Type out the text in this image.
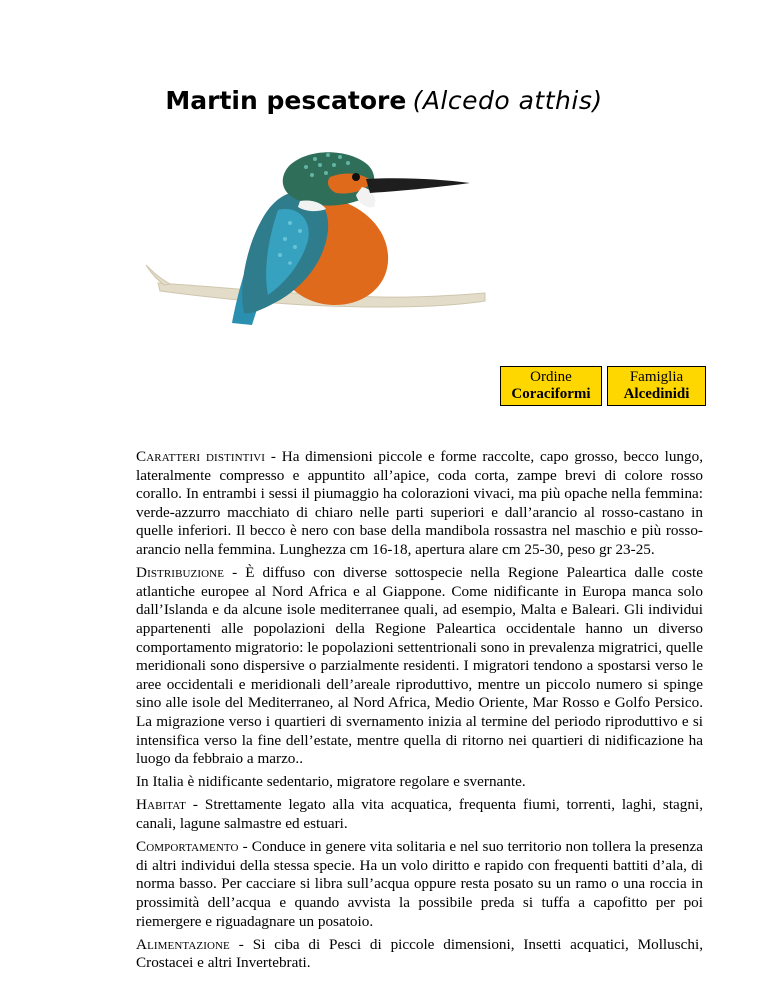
Martin pescatore (Alcedo atthis)
Ordine
Coraciformi
		Famiglia
Alcedinidi

Caratteri distintivi - Ha dimensioni piccole e forme raccolte, capo grosso, becco lungo, lateralmente compresso e appuntito all’apice, coda corta, zampe brevi di colore rosso corallo. In entrambi i sessi il piumaggio ha colorazioni vivaci, ma più opache nella femmina: verde-azzurro macchiato di chiaro nelle parti superiori e dall’arancio al rosso-castano in quelle inferiori. Il becco è nero con base della mandibola rossastra nel maschio e più rosso-arancio nella femmina. Lunghezza cm 16-18, apertura alare cm 25-30, peso gr 23-25.

Distribuzione - È diffuso con diverse sottospecie nella Regione Paleartica dalle coste atlantiche europee al Nord Africa e al Giappone. Come nidificante in Europa manca solo dall’Islanda e da alcune isole mediterranee quali, ad esempio, Malta e Baleari. Gli individui appartenenti alle popolazioni della Regione Paleartica occidentale hanno un diverso comportamento migratorio: le popolazioni settentrionali sono in prevalenza migratrici, quelle meridionali sono dispersive o parzialmente residenti. I migratori tendono a spostarsi verso le aree occidentali e meridionali dell’areale riproduttivo, mentre un piccolo numero si spinge sino alle isole del Mediterraneo, al Nord Africa, Medio Oriente, Mar Rosso e Golfo Persico. La migrazione verso i quartieri di svernamento inizia al termine del periodo riproduttivo e si intensifica verso la fine dell’estate, mentre quella di ritorno nei quartieri di nidificazione ha luogo da febbraio a marzo..

In Italia è nidificante sedentario, migratore regolare e svernante.

Habitat - Strettamente legato alla vita acquatica, frequenta fiumi, torrenti, laghi, stagni, canali, lagune salmastre ed estuari.

Comportamento - Conduce in genere vita solitaria e nel suo territorio non tollera la presenza di altri individui della stessa specie. Ha un volo diritto e rapido con frequenti battiti d’ala, di norma basso. Per cacciare si libra sull’acqua oppure resta posato su un ramo o una roccia in prossimità dell’acqua e quando avvista la possibile preda si tuffa a capofitto per poi riemergere e riguadagnare un posatoio.

Alimentazione - Si ciba di Pesci di piccole dimensioni, Insetti acquatici, Molluschi, Crostacei e altri Invertebrati.
